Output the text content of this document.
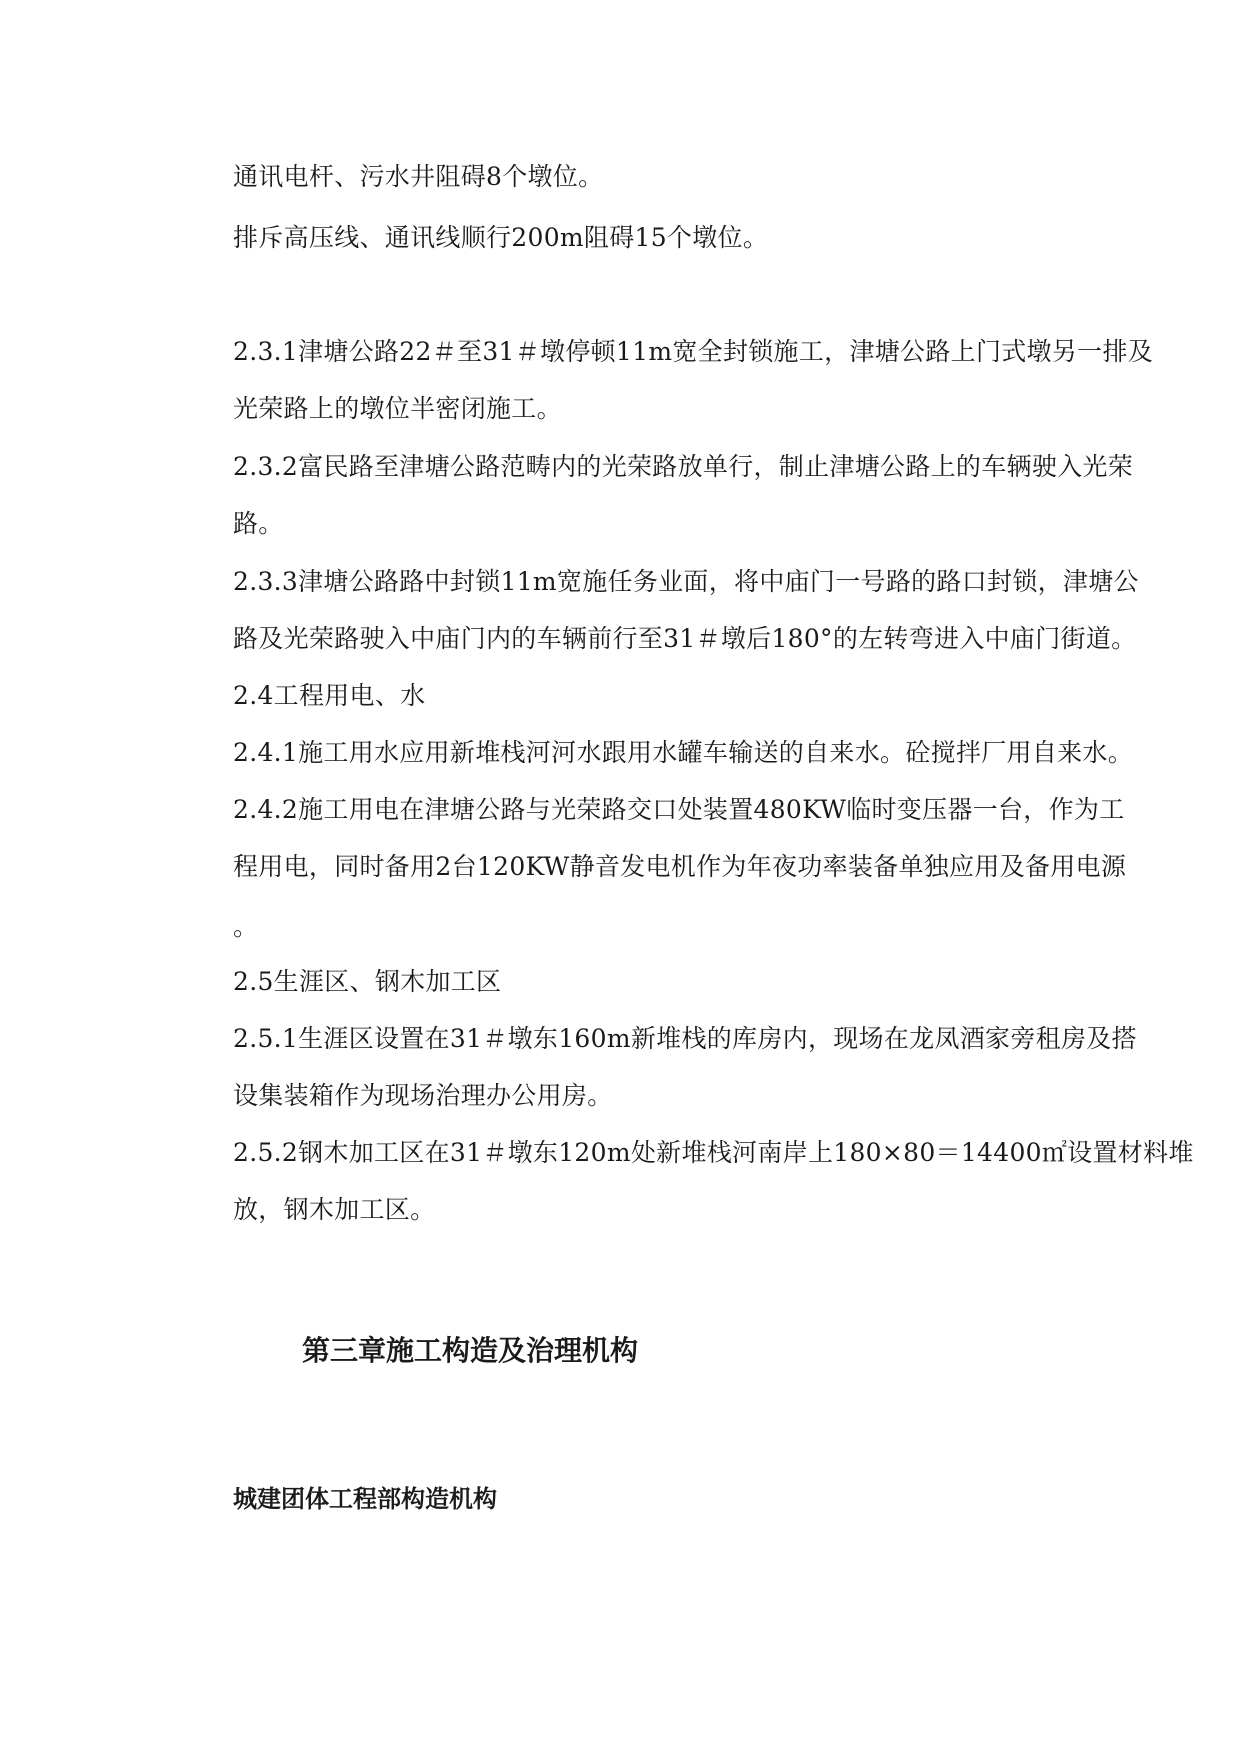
通讯电杆、污水井阻碍8个墩位。
排斥高压线、通讯线顺行200m阻碍15个墩位。
2.3.1津塘公路22＃至31＃墩停顿11m宽全封锁施工，津塘公路上门式墩另一排及
光荣路上的墩位半密闭施工。
2.3.2富民路至津塘公路范畴内的光荣路放单行，制止津塘公路上的车辆驶入光荣
路。
2.3.3津塘公路路中封锁11m宽施任务业面，将中庙门一号路的路口封锁，津塘公
路及光荣路驶入中庙门内的车辆前行至31＃墩后180°的左转弯进入中庙门街道。
2.4工程用电、水
2.4.1施工用水应用新堆栈河河水跟用水罐车输送的自来水。砼搅拌厂用自来水。
2.4.2施工用电在津塘公路与光荣路交口处装置480KW临时变压器一台，作为工
程用电，同时备用2台120KW静音发电机作为年夜功率装备单独应用及备用电源
。
2.5生涯区、钢木加工区
2.5.1生涯区设置在31＃墩东160m新堆栈的库房内，现场在龙凤酒家旁租房及搭
设集装箱作为现场治理办公用房。
2.5.2钢木加工区在31＃墩东120m处新堆栈河南岸上180×80＝14400㎡设置材料堆
放，钢木加工区。
第三章施工构造及治理机构
城建团体工程部构造机构
